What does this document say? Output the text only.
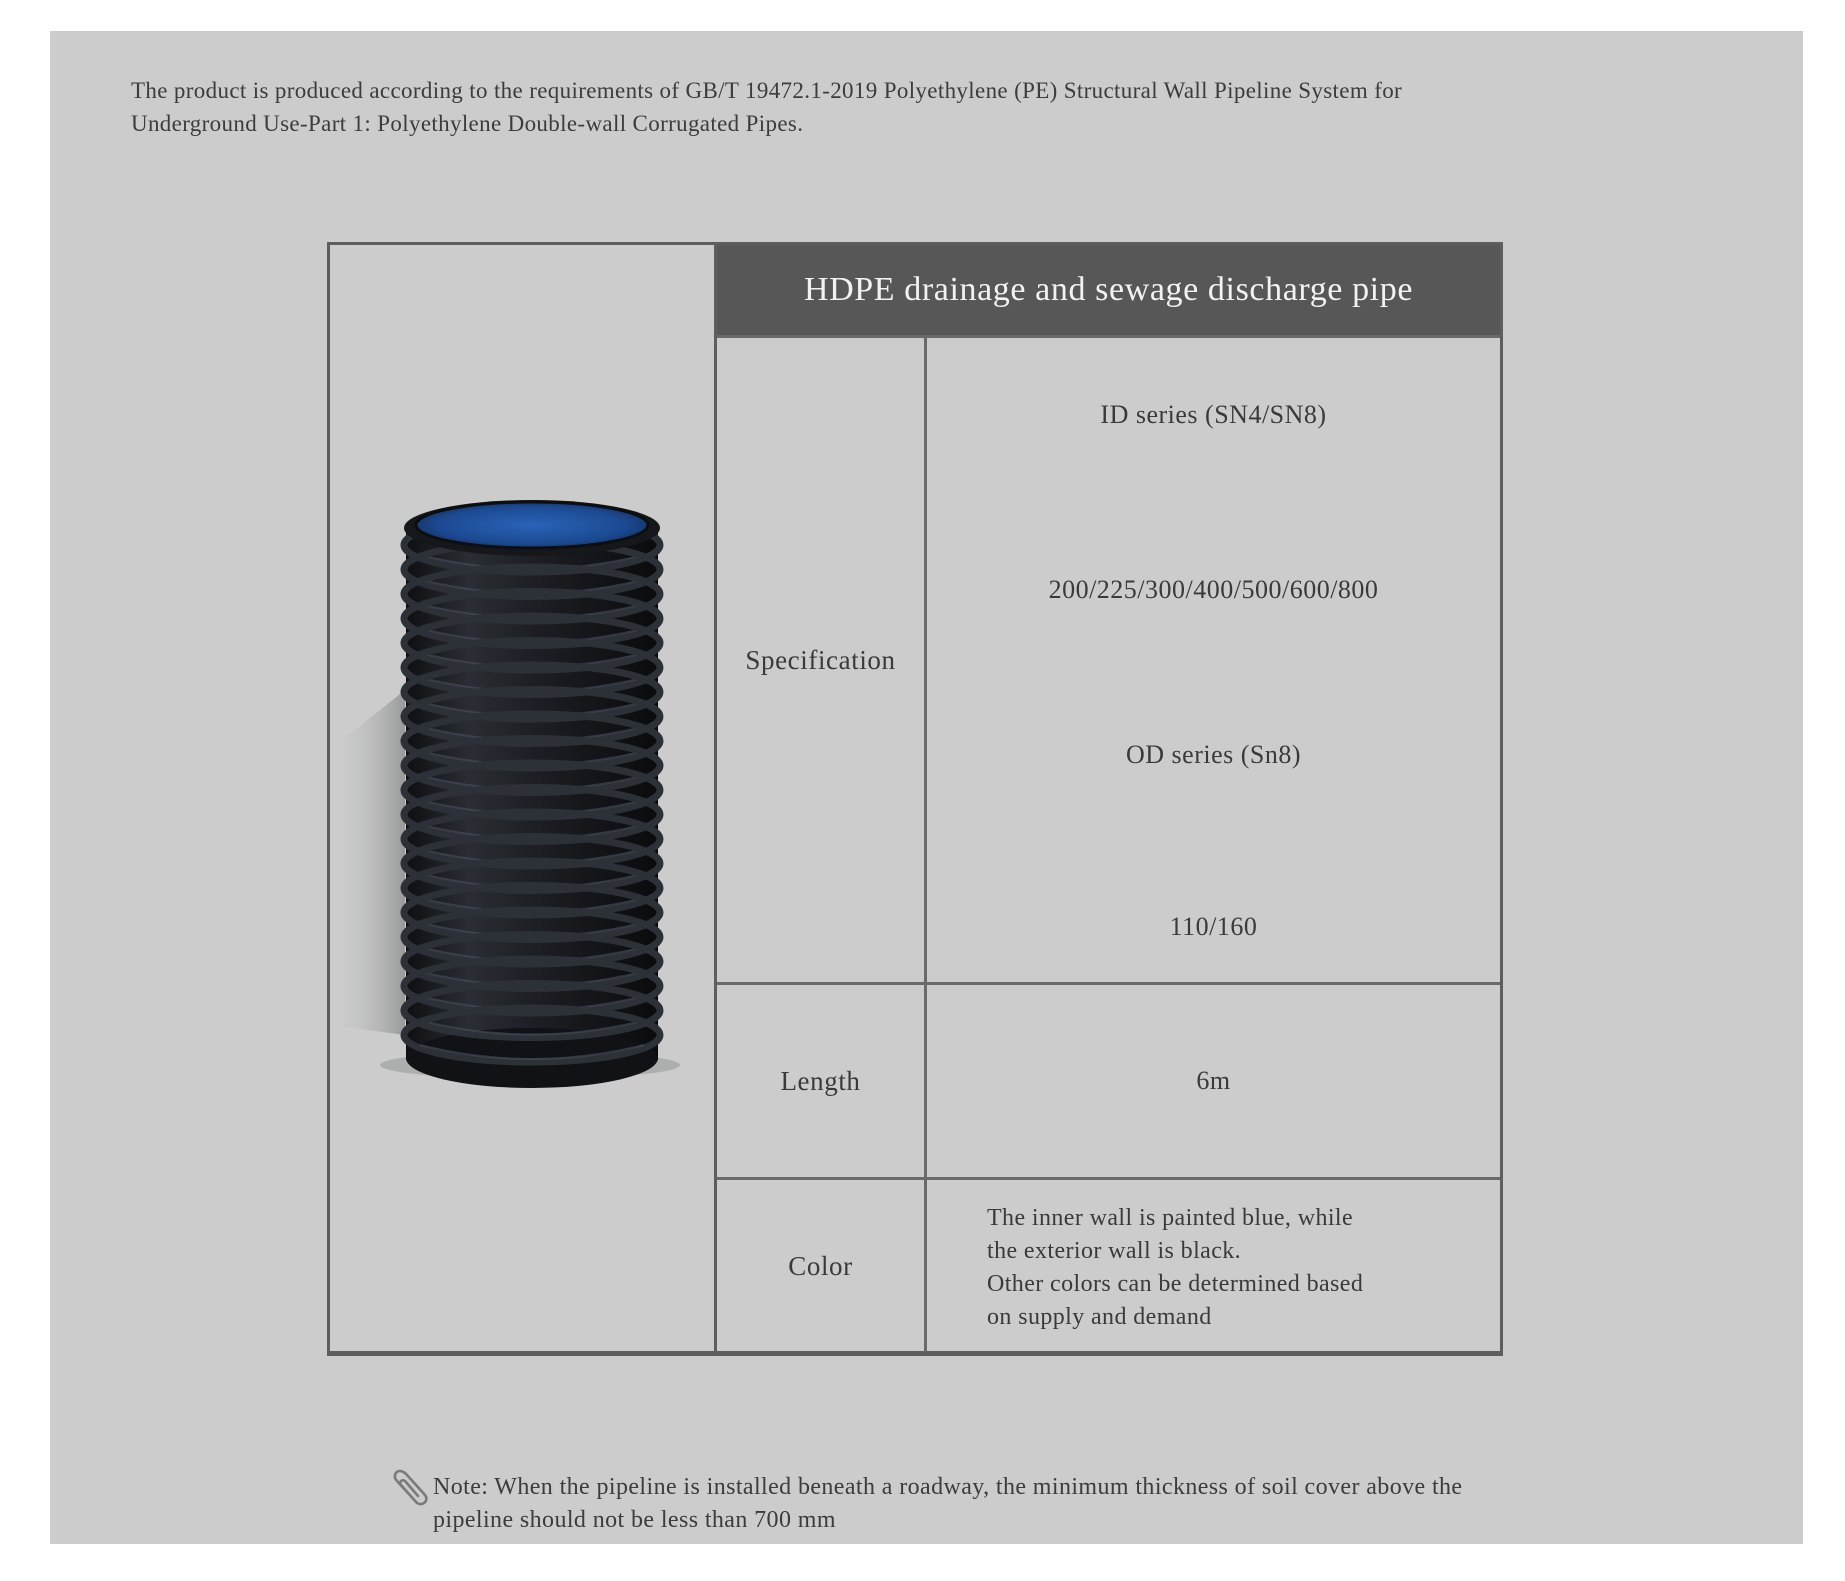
The product is produced according to the requirements of GB/T 19472.1-2019 Polyethylene (PE) Structural Wall Pipeline System for
Underground Use-Part 1: Polyethylene Double-wall Corrugated Pipes.

HDPE drainage and sewage discharge pipe
Specification
ID series (SN4/SN8)
200/225/300/400/500/600/800
OD series (Sn8)
110/160
Length	6m
Color
The inner wall is painted blue, while
the exterior wall is black.
Other colors can be determined based
on supply and demand
Note: When the pipeline is installed beneath a roadway, the minimum thickness of soil cover above the
pipeline should not be less than 700 mm
